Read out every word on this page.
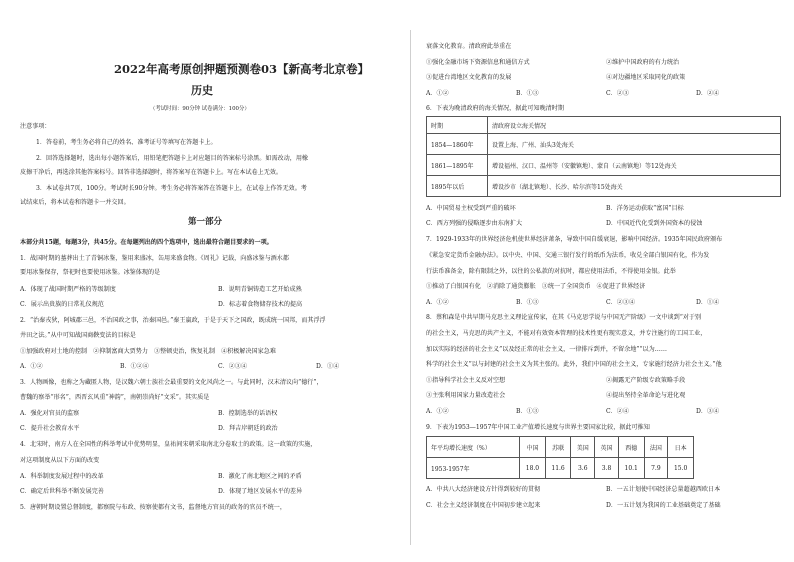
2022年高考原创押题预测卷03【新高考北京卷】
历史
（考试时间：90分钟 试卷满分：100分）
注意事项：
1．答卷前，考生务必将自己的姓名、准考证号等填写在答题卡上。
2．回答选择题时，选出每小题答案后，用铅笔把答题卡上对应题目的答案标号涂黑。如需改动，用橡
皮擦干净后，再选涂其他答案标号。回答非选择题时，将答案写在答题卡上。写在本试卷上无效。
3．本试卷共7页，100分。考试时长90分钟。考生务必将答案答在答题卡上，在试卷上作答无效。考
试结束后，将本试卷和答题卡一并交回。
第一部分
本部分共15题，每题3分，共45分。在每题列出的四个选项中，选出最符合题目要求的一项。
1．战国时期的墓葬出土了青铜冰鉴，鉴用来盛冰，缶用来盛食物。《周礼》记载，向盛冰鉴与酒水都
要用冰鉴保存，祭祀时也要使用冰鉴。冰鉴体现的是
A．体现了战国时期严格的等级制度	B．说明青铜铸造工艺开始成熟
C．展示出贵族的日常礼仪规范	D．标志着食物储存技术的提高
2．“治秦戎狄，阿城郡三邑，不治国政之事，治秦国邑。”秦王嬴政，于是于天下之国政，既成统一国邦，而其浮浮
井田之法。”从中可知战国商鞅变法的目标是
①加强政府对土地的控制　②抑制富商大贾势力　③整顿吏治，恢复礼制　④积极解决国家急难
A．①②	B．①②④	C．②③④	D．①④
3．人物画像，也称之为藏匿人物，是汉魏六朝士族社会最重要的文化风尚之一。与此同时，汉末清议向“德行”，
曹魏的察举“形名”，西晋玄风重“神韵”，南朝崇尚好“文采”。其实质是
A．强化对官员的监察	B．控制选举的话语权
C．提升社会教育水平	D．拜吉岸朝廷的政治
4．北宋时，南方人在全国性的科举考试中优势明显，皇祐间宋朝采取南北分卷取士的政策。这一政策的实施，
对这项制度从以下方面的改变
A．科举制度发展过程中的改革	B．激化了南北地区之间的矛盾
C．确定后世科举不断发展完善	D．体现了地区发展水平的差异
5．唐朝时期设置总督制度，都察院与布政、按察使都有文书，监督地方官员的政务的官员不统一，
衰落文化教育。清政府此举重在
①强化金融市场下资源信息和通信方式	②维护中国政府的有力统治
③促进台湾地区文化教育的发展	④对边疆地区采取同化的政策
A．①②	B．①③	C．②③	D．②④
6．下表为晚清政府的海关情况，据此可知晚清时期
时期	清政府设立海关情况
1854—1860年	设置上海、广州、汕头3处海关
1861—1895年	增设福州、汉口、温州等（安徽镇地）、蒙自（云南镇地）等12处海关
1895年以后	增设沙市（湖北镇地）、长沙、哈尔滨等15处海关
A．中国贸易主权受到严重的破坏	B．洋务运动获取“富国”目标
C．西方列强的侵略逐步由东南扩大	D．中国近代化受到外国资本的侵蚀
7．1929-1933年的世界经济危机使世界经济萧条，导致中国自缓衰退，影响中国经济。1935年国民政府颁布
《紧急安定货币金融办法》。以中央、中国、交通三银行发行的纸币为法币，收兑全部白银国有化，作为发
行法币准备金，除有限制之外，以往的公私款的对抗时，都应使用法币，不得使用金银。此举
①推动了白银国有化　②消除了通货膨胀　③统一了全国货币　④促进了世界经济
A．①②	B．①③	C．②③④	D．①④
8．蔡和森是中共早期马克思主义理论宣传家，在其《马克思学说与中国无产阶级》一文中谈到“对于别
的社会主义，马克思的共产主义，不能对有效资本管理的技术性更有现实意义，并专注施行的工国工业，
加以实际的经济的社会主义”以及经正常的社会主义，一律排斥到并，不留余地”“以为……
科学的社会主义”以与封建的社会主义为其主张的。此外，我们中国的社会主义，专家施行经济力社会主义。”他
①指导科学社会主义反对空想	②揭露无产阶级专政策略手段
③主张利用国家力量改造社会	④提出坚持全革命论与进化观
A．①②	B．①③	C．②④	D．③④
9．下表为1953—1957年中国工业产值增长速度与世界主要国家比较，据此可推知
年平均增长速度（%）	中国	苏联	美国	英国	西德	法国	日本
1953-1957年	18.0	11.6	3.6	3.8	10.1	7.9	15.0
A．中共八大经济建设方针得到较好的贯彻	B．一五计划使中国经济总量超越西欧日本
C．社会主义经济制度在中国初步建立起来	D．一五计划为我国的工业基础奠定了基础
